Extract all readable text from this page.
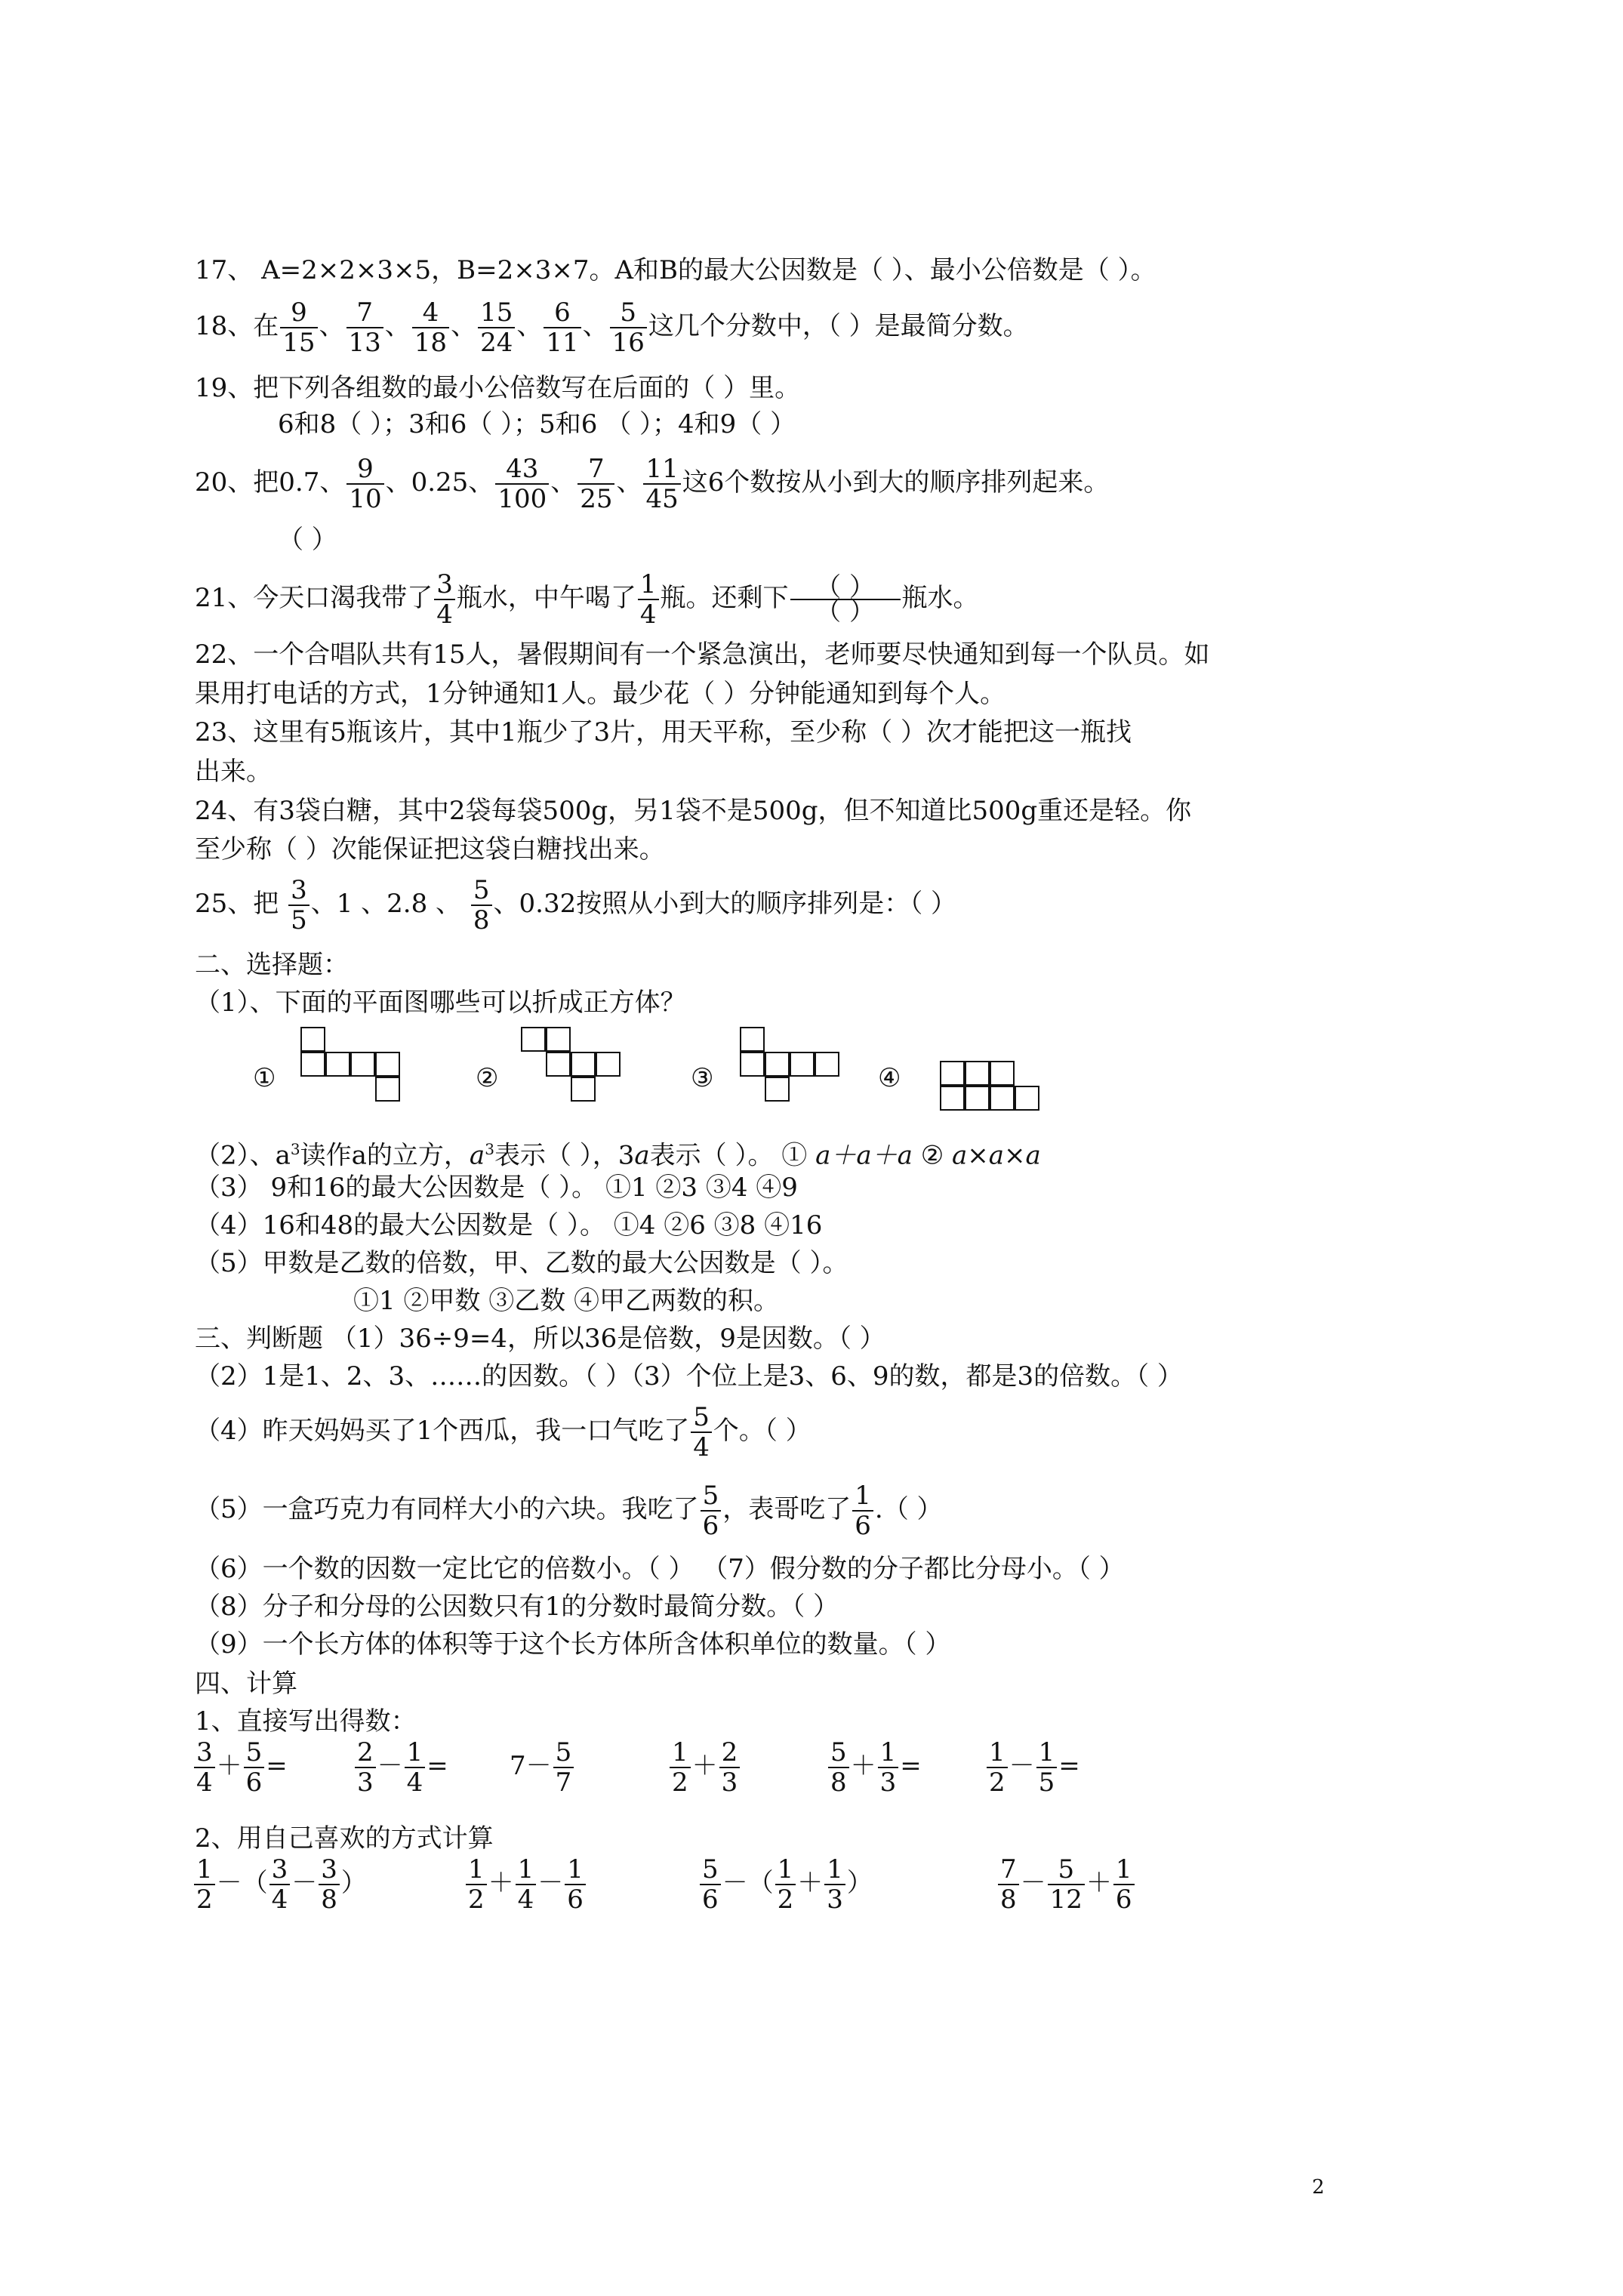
17、 A=2×2×3×5，B=2×3×7。A和B的最大公因数是（ ）、最小公倍数是（ ）。
18、在 $\frac{9}{15}$ 、 $\frac{7}{13}$ 、 $\frac{4}{18}$ 、 $\frac{15}{24}$ 、 $\frac{6}{11}$ 、 $\frac{5}{16}$ 这几个分数中，（ ）是最简分数。
19、把下列各组数的最小公倍数写在后面的（ ）里。
6和8（ ）；3和6（ ）；5和6 （ ）；4和9（ ）
20、把0.7、 $\frac{9}{10}$ 、0.25、 $\frac{43}{100}$ 、 $\frac{7}{25}$ 、 $\frac{11}{45}$ 这6个数按从小到大的顺序排列起来。
（ ）
21、今天口渴我带了 $\frac{3}{4}$ 瓶水，中午喝了 $\frac{1}{4}$ 瓶。还剩下	（ ）
（ ）	瓶水。
22、一个合唱队共有15人，暑假期间有一个紧急演出，老师要尽快通知到每一个队员。如
果用打电话的方式，1分钟通知1人。最少花（ ）分钟能通知到每个人。
23、这里有5瓶该片，其中1瓶少了3片，用天平称，至少称（ ）次才能把这一瓶找
出来。
24、有3袋白糖，其中2袋每袋500g，另1袋不是500g，但不知道比500g重还是轻。你
至少称（ ）次能保证把这袋白糖找出来。
25、把 $\frac{3}{5}$ 、1 、2.8 、 $\frac{5}{8}$ 、0.32按照从小到大的顺序排列是：（ ）
二、选择题：
（1）、下面的平面图哪些可以折成正方体？
①	②	③	④
（2）、$a^3$读作a的立方，$a^3$表示（ ），3a表示（ ）。 ① a＋a＋a ② a×a×a
（3） 9和16的最大公因数是（ ）。 ①1 ②3 ③4 ④9
（4）16和48的最大公因数是（ ）。 ①4 ②6 ③8 ④16
（5）甲数是乙数的倍数，甲、乙数的最大公因数是（ ）。
①1 ②甲数 ③乙数 ④甲乙两数的积。
三、判断题 （1）36÷9=4，所以36是倍数，9是因数。（ ）
（2）1是1、2、3、……的因数。（ ）（3）个位上是3、6、9的数，都是3的倍数。（ ）
（4）昨天妈妈买了1个西瓜，我一口气吃了 $\frac{5}{4}$ 个。（ ）
（5）一盒巧克力有同样大小的六块。我吃了 $\frac{5}{6}$ ，表哥吃了 $\frac{1}{6}$ .（ ）
（6）一个数的因数一定比它的倍数小。（ ） （7）假分数的分子都比分母小。（ ）
（8）分子和分母的公因数只有1的分数时最简分数。（ ）
（9）一个长方体的体积等于这个长方体所含体积单位的数量。（ ）
四、计算
1、直接写出得数：
$\frac{3}{4} + \frac{5}{6}$ =	$\frac{2}{3} - \frac{1}{4} = 7- \frac{5}{7}$	$\frac{1}{2} + \frac{2}{3}$	$\frac{5}{8} + \frac{1}{3}$ =	$\frac{1}{2} - \frac{1}{5}$ =
2、用自己喜欢的方式计算
$\frac{1}{2}$ －（ $\frac{3}{4} - \frac{3}{8}$ ）	$\frac{1}{2} + \frac{1}{4} - \frac{1}{6}$	$\frac{5}{6}$ －（ $\frac{1}{2} + \frac{1}{3}$ ）	$\frac{7}{8} - \frac{5}{12} + \frac{1}{6}$
2
